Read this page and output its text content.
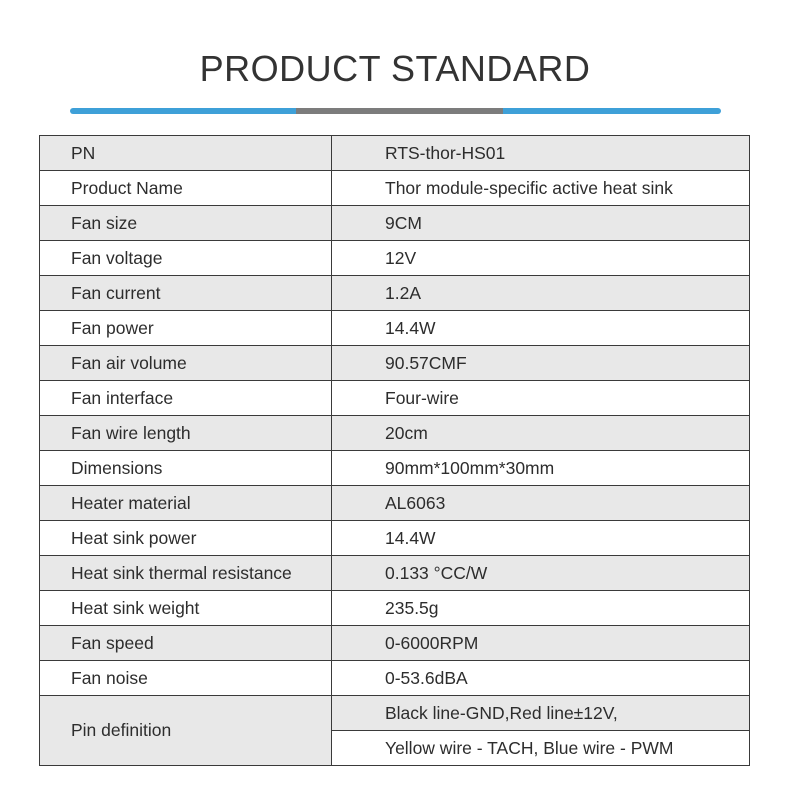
PRODUCT STANDARD
PN	RTS-thor-HS01
Product Name	Thor module-specific active heat sink
Fan size	9CM
Fan voltage	12V
Fan current	1.2A
Fan power	14.4W
Fan air volume	90.57CMF
Fan interface	Four-wire
Fan wire length	20cm
Dimensions	90mm*100mm*30mm
Heater material	AL6063
Heat sink power	14.4W
Heat sink thermal resistance	0.133 °CC/W
Heat sink weight	235.5g
Fan speed	0-6000RPM
Fan noise	0-53.6dBA
Pin definition	Black line-GND,Red line±12V,
	Yellow wire - TACH, Blue wire - PWM
